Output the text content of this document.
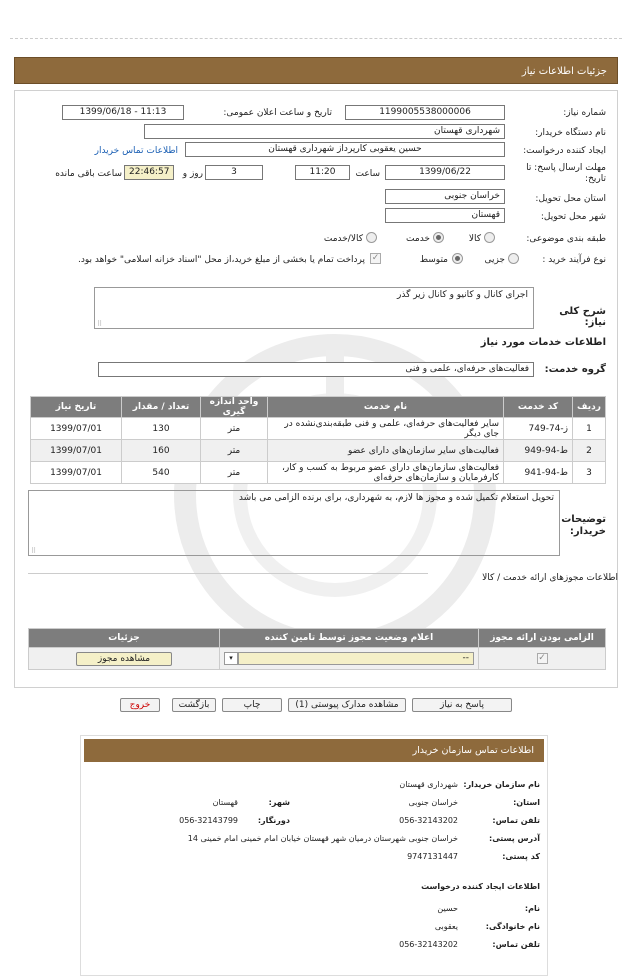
جزئیات اطلاعات نیاز
شماره نیاز:
1199005538000006
تاریخ و ساعت اعلان عمومی:
1399/06/18 - 11:13
نام دستگاه خریدار:
شهرداری قهستان
ایجاد کننده درخواست:
حسین یعقوبی کارپرداز شهرداری قهستان
اطلاعات تماس خریدار
مهلت ارسال پاسخ: تا
تاریخ:
1399/06/22
ساعت
11:20
3
روز و
22:46:57
ساعت باقی مانده
استان محل تحویل:
خراسان جنوبی
شهر محل تحویل:
قهستان
طبقه بندی موضوعی:
کالا
خدمت
کالا/خدمت
نوع فرآیند خرید :
جزیی
متوسط
✓
پرداخت تمام یا بخشی از مبلغ خرید،از محل "اسناد خزانه اسلامی" خواهد بود.
شرح کلی نیاز:
اجرای کانال و کانیو و کانال زیر گذر
⠿
اطلاعات خدمات مورد نیاز
گروه خدمت:
فعالیت‌های حرفه‌ای، علمی و فنی
ردیف	کد خدمت	نام خدمت	واحد اندازه گیری	تعداد / مقدار	تاریخ نیاز
1	ز-74-749	سایر فعالیت‌های حرفه‌ای، علمی و فنی طبقه‌بندی‌نشده در جای دیگر	متر	130	1399/07/01
2	ط-94-949	فعالیت‌های سایر سازمان‌های دارای عضو	متر	160	1399/07/01
3	ط-94-941	فعالیت‌های سازمان‌های دارای عضو مربوط به کسب و کار، کارفرمایان و سازمان‌های حرفه‌ای	متر	540	1399/07/01
توضیحات
خریدار:
تحویل استعلام تکمیل شده و مجوز ها لازم، به شهرداری، برای برنده الزامی می باشد
⠿
اطلاعات مجوزهای ارائه خدمت / کالا
الزامی بودن ارائه مجوز	اعلام وضعیت مجوز توسط تامین کننده	جزئیات
✓	▾ --	مشاهده مجوز
پاسخ به نیاز
مشاهده مدارک پیوستی (1)
چاپ
بازگشت
خروج
اطلاعات تماس سازمان خریدار
نام سازمان خریدار:
شهرداری قهستان
استان:
خراسان جنوبی
شهر:
قهستان
تلفن تماس:
056-32143202
دورنگار:
056-32143799
آدرس پستی:
خراسان جنوبی شهرستان درمیان شهر قهستان خیابان امام خمینی امام خمینی 14
کد پستی:
9747131447
اطلاعات ایجاد کننده درخواست
نام:
حسین
نام خانوادگی:
یعقوبی
تلفن تماس:
056-32143202
